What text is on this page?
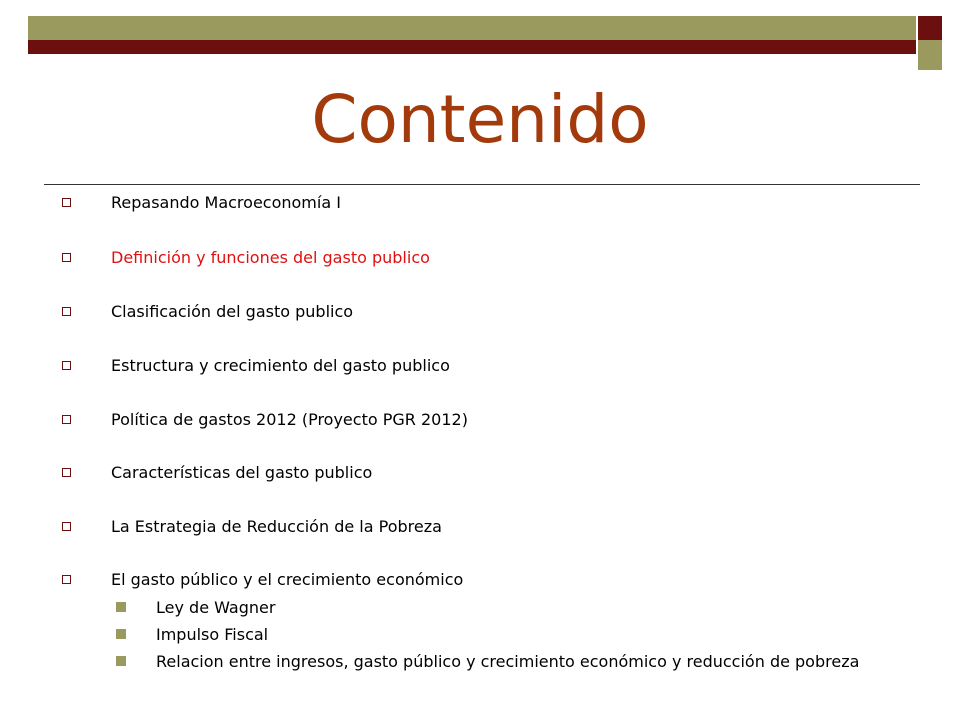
Contenido
Repasando Macroeconomía I
Definición y funciones del gasto publico
Clasificación del gasto publico
Estructura y crecimiento del gasto publico
Política de gastos 2012 (Proyecto PGR 2012)
Características del gasto publico
La Estrategia de Reducción de la Pobreza
El gasto público y el crecimiento económico
Ley de Wagner
Impulso Fiscal
Relacion entre ingresos, gasto público y crecimiento económico y reducción de pobreza
